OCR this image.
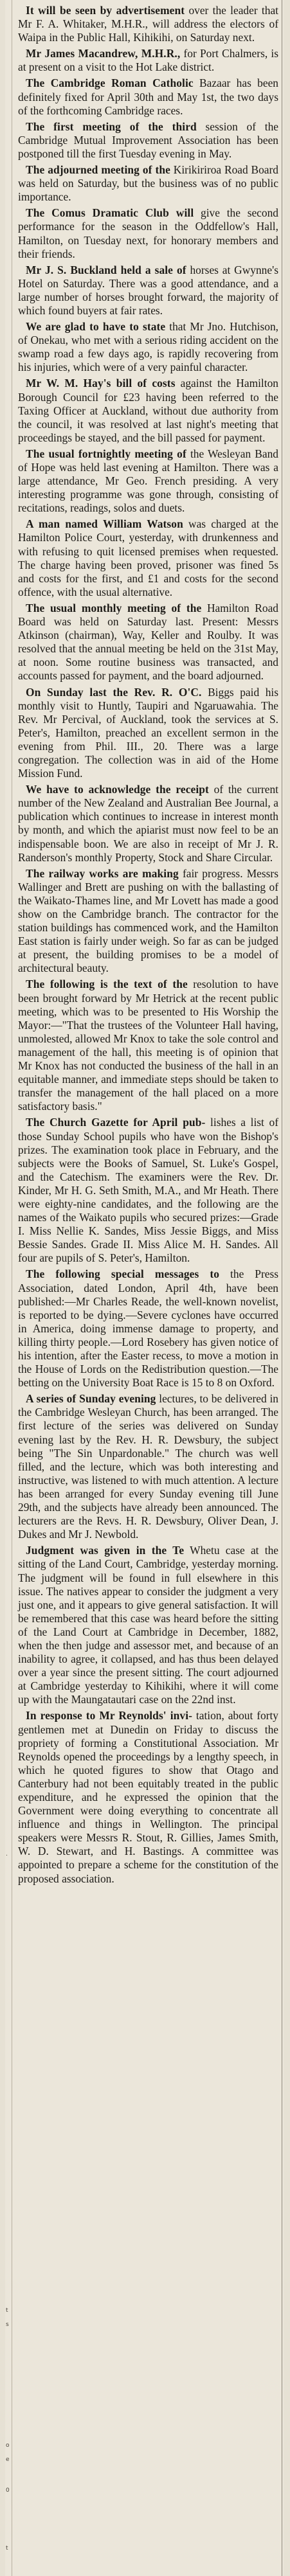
.
t
s
o
e
0
t

It will be seen by advertisement over the leader that Mr F. A. Whitaker, M.H.R., will address the electors of Waipa in the Public Hall, Kihikihi, on Saturday next.

Mr James Macandrew, M.H.R., for Port Chalmers, is at present on a visit to the Hot Lake district.

The Cambridge Roman Catholic Bazaar has been definitely fixed for April 30th and May 1st, the two days of the forthcoming Cambridge races.

The first meeting of the third session of the Cambridge Mutual Improvement Association has been postponed till the first Tuesday evening in May.

The adjourned meeting of the Kirikiriroa Road Board was held on Saturday, but the business was of no public importance.

The Comus Dramatic Club will give the second performance for the season in the Oddfellow's Hall, Hamilton, on Tuesday next, for honorary members and their friends.

Mr J. S. Buckland held a sale of horses at Gwynne's Hotel on Saturday. There was a good attendance, and a large number of horses brought forward, the majority of which found buyers at fair rates.

We are glad to have to state that Mr Jno. Hutchison, of Onekau, who met with a serious riding accident on the swamp road a few days ago, is rapidly recovering from his injuries, which were of a very painful character.

Mr W. M. Hay's bill of costs against the Hamilton Borough Council for £23 having been referred to the Taxing Officer at Auckland, without due authority from the council, it was resolved at last night's meeting that proceedings be stayed, and the bill passed for payment.

The usual fortnightly meeting of the Wesleyan Band of Hope was held last evening at Hamilton. There was a large attendance, Mr Geo. French presiding. A very interesting programme was gone through, consisting of recitations, readings, solos and duets.

A man named William Watson was charged at the Hamilton Police Court, yesterday, with drunkenness and with refusing to quit licensed premises when requested. The charge having been proved, prisoner was fined 5s and costs for the first, and £1 and costs for the second offence, with the usual alternative.

The usual monthly meeting of the Hamilton Road Board was held on Saturday last. Present: Messrs Atkinson (chairman), Way, Keller and Roulby. It was resolved that the annual meeting be held on the 31st May, at noon. Some routine business was transacted, and accounts passed for payment, and the board adjourned.

On Sunday last the Rev. R. O'C. Biggs paid his monthly visit to Huntly, Taupiri and Ngaruawahia. The Rev. Mr Percival, of Auckland, took the services at S. Peter's, Hamilton, preached an excellent sermon in the evening from Phil. III., 20. There was a large congregation. The collection was in aid of the Home Mission Fund.

We have to acknowledge the receipt of the current number of the New Zealand and Australian Bee Journal, a publication which continues to increase in interest month by month, and which the apiarist must now feel to be an indispensable boon. We are also in receipt of Mr J. R. Randerson's monthly Property, Stock and Share Circular.

The railway works are making fair progress. Messrs Wallinger and Brett are pushing on with the ballasting of the Waikato-Thames line, and Mr Lovett has made a good show on the Cambridge branch. The contractor for the station buildings has commenced work, and the Hamilton East station is fairly under weigh. So far as can be judged at present, the building promises to be a model of architectural beauty.

The following is the text of the resolution to have been brought forward by Mr Hetrick at the recent public meeting, which was to be presented to His Worship the Mayor:—"That the trustees of the Volunteer Hall having, unmolested, allowed Mr Knox to take the sole control and management of the hall, this meeting is of opinion that Mr Knox has not conducted the business of the hall in an equitable manner, and immediate steps should be taken to transfer the management of the hall placed on a more satisfactory basis."

The Church Gazette for April pub- lishes a list of those Sunday School pupils who have won the Bishop's prizes. The examination took place in February, and the subjects were the Books of Samuel, St. Luke's Gospel, and the Catechism. The examiners were the Rev. Dr. Kinder, Mr H. G. Seth Smith, M.A., and Mr Heath. There were eighty-nine candidates, and the following are the names of the Waikato pupils who secured prizes:—Grade I. Miss Nellie K. Sandes, Miss Jessie Biggs, and Miss Bessie Sandes. Grade II. Miss Alice M. H. Sandes. All four are pupils of S. Peter's, Hamilton.

The following special messages to the Press Association, dated London, April 4th, have been published:—Mr Charles Reade, the well-known novelist, is reported to be dying.—Severe cyclones have occurred in America, doing immense damage to property, and killing thirty people.—Lord Rosebery has given notice of his intention, after the Easter recess, to move a motion in the House of Lords on the Redistribution question.—The betting on the University Boat Race is 15 to 8 on Oxford.

A series of Sunday evening lectures, to be delivered in the Cambridge Wesleyan Church, has been arranged. The first lecture of the series was delivered on Sunday evening last by the Rev. H. R. Dewsbury, the subject being "The Sin Unpardonable." The church was well filled, and the lecture, which was both interesting and instructive, was listened to with much attention. A lecture has been arranged for every Sunday evening till June 29th, and the subjects have already been announced. The lecturers are the Revs. H. R. Dewsbury, Oliver Dean, J. Dukes and Mr J. Newbold.

Judgment was given in the Te Whetu case at the sitting of the Land Court, Cambridge, yesterday morning. The judgment will be found in full elsewhere in this issue. The natives appear to consider the judgment a very just one, and it appears to give general satisfaction. It will be remembered that this case was heard before the sitting of the Land Court at Cambridge in December, 1882, when the then judge and assessor met, and because of an inability to agree, it collapsed, and has thus been delayed over a year since the present sitting. The court adjourned at Cambridge yesterday to Kihikihi, where it will come up with the Maungatautari case on the 22nd inst.

In response to Mr Reynolds' invi- tation, about forty gentlemen met at Dunedin on Friday to discuss the propriety of forming a Constitutional Association. Mr Reynolds opened the proceedings by a lengthy speech, in which he quoted figures to show that Otago and Canterbury had not been equitably treated in the public expenditure, and he expressed the opinion that the Government were doing everything to concentrate all influence and things in Wellington. The principal speakers were Messrs R. Stout, R. Gillies, James Smith, W. D. Stewart, and H. Bastings. A committee was appointed to prepare a scheme for the constitution of the proposed association.
